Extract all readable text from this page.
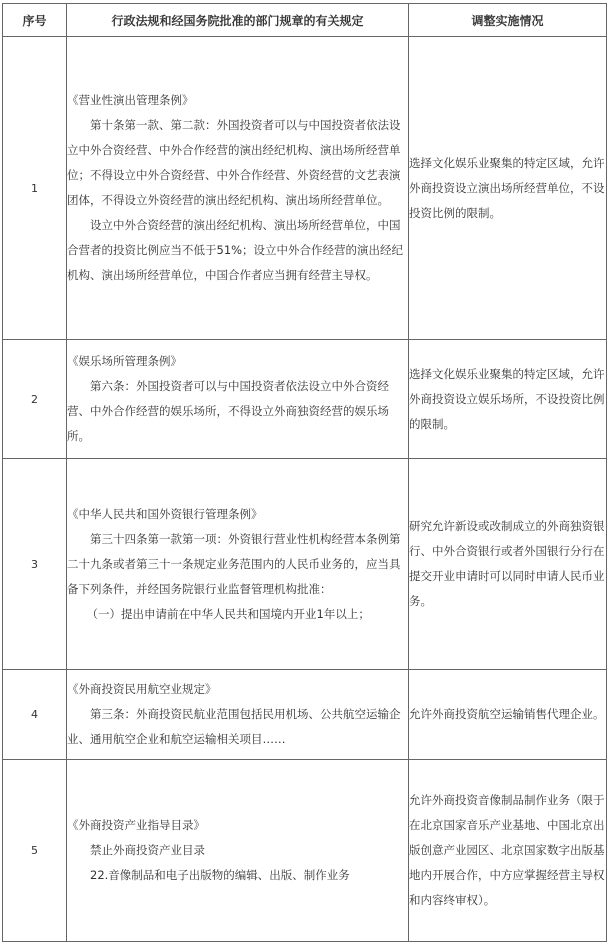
序号	行政法规和经国务院批准的部门规章的有关规定	调整实施情况
1	《营业性演出管理条例》

第十条第一款、第二款：外国投资者可以与中国投资者依法设立中外合资经营、中外合作经营的演出经纪机构、演出场所经营单位；不得设立中外合资经营、中外合作经营、外资经营的文艺表演团体，不得设立外资经营的演出经纪机构、演出场所经营单位。

设立中外合资经营的演出经纪机构、演出场所经营单位，中国合营者的投资比例应当不低于51%；设立中外合作经营的演出经纪机构、演出场所经营单位，中国合作者应当拥有经营主导权。	选择文化娱乐业聚集的特定区域，允许外商投资设立演出场所经营单位，不设投资比例的限制。
2	《娱乐场所管理条例》

第六条：外国投资者可以与中国投资者依法设立中外合资经营、中外合作经营的娱乐场所，不得设立外商独资经营的娱乐场所。	选择文化娱乐业聚集的特定区域，允许外商投资设立娱乐场所，不设投资比例的限制。
3	《中华人民共和国外资银行管理条例》

第三十四条第一款第一项：外资银行营业性机构经营本条例第二十九条或者第三十一条规定业务范围内的人民币业务的，应当具备下列条件，并经国务院银行业监督管理机构批准：

（一）提出申请前在中华人民共和国境内开业1年以上；	研究允许新设或改制成立的外商独资银行、中外合资银行或者外国银行分行在提交开业申请时可以同时申请人民币业务。
4	《外商投资民用航空业规定》

第三条：外商投资民航业范围包括民用机场、公共航空运输企业、通用航空企业和航空运输相关项目……	允许外商投资航空运输销售代理企业。
5	《外商投资产业指导目录》

禁止外商投资产业目录

22.音像制品和电子出版物的编辑、出版、制作业务	允许外商投资音像制品制作业务（限于在北京国家音乐产业基地、中国北京出版创意产业园区、北京国家数字出版基地内开展合作，中方应掌握经营主导权和内容终审权）。
